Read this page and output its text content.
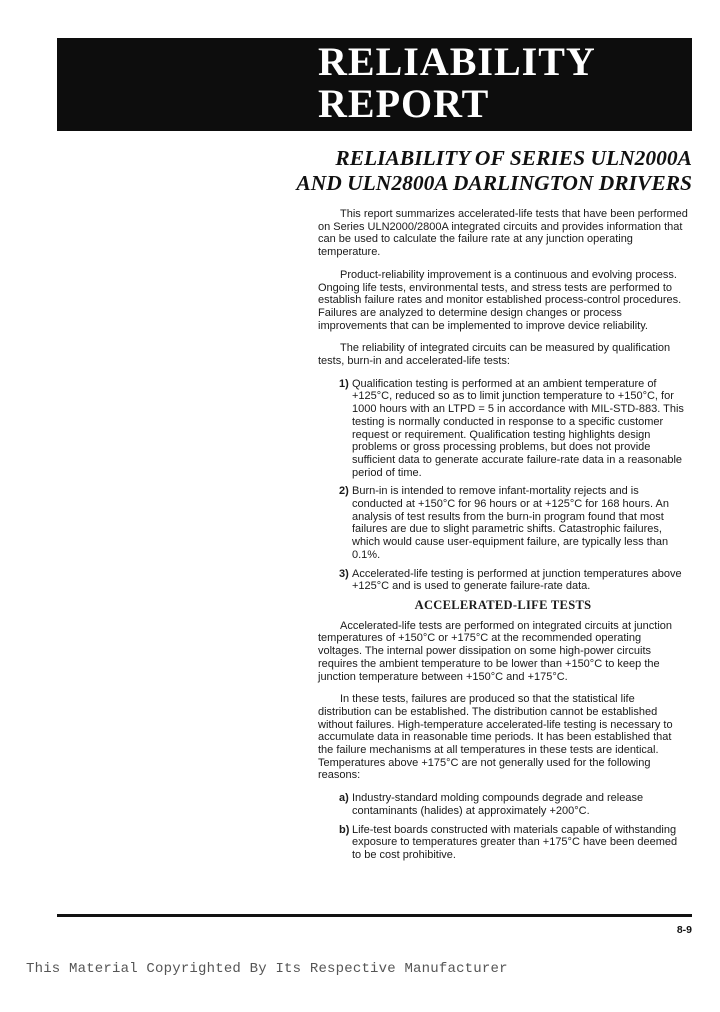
RELIABILITY
REPORT
RELIABILITY OF SERIES ULN2000A
AND ULN2800A DARLINGTON DRIVERS

This report summarizes accelerated-life tests that have been performed on Series ULN2000/2800A integrated circuits and provides information that can be used to calculate the failure rate at any junction operating temperature.

Product-reliability improvement is a continuous and evolving process. Ongoing life tests, environmental tests, and stress tests are performed to establish failure rates and monitor established process-control procedures. Failures are analyzed to determine design changes or process improvements that can be implemented to improve device reliability.

The reliability of integrated circuits can be measured by qualification tests, burn-in and accelerated-life tests:

1 ) Qualification testing is performed at an ambient temperature of +125°C, reduced so as to limit junction temperature to +150°C, for 1000 hours with an LTPD = 5 in accordance with MIL-STD-883. This testing is normally conducted in response to a specific customer request or requirement. Qualification testing highlights design problems or gross processing problems, but does not provide sufficient data to generate accurate failure-rate data in a reasonable period of time.
2 ) Burn-in is intended to remove infant-mortality rejects and is conducted at +150°C for 96 hours or at +125°C for 168 hours. An analysis of test results from the burn-in program found that most failures are due to slight parametric shifts. Catastrophic failures, which would cause user-equipment failure, are typically less than 0.1%.
3 ) Accelerated-life testing is performed at junction temperatures above +125°C and is used to generate failure-rate data.
ACCELERATED-LIFE TESTS

Accelerated-life tests are performed on integrated circuits at junction temperatures of +150°C or +175°C at the recommended operating voltages. The internal power dissipation on some high-power circuits requires the ambient temperature to be lower than +150°C to keep the junction temperature between +150°C and +175°C.

In these tests, failures are produced so that the statistical life distribution can be established. The distribution cannot be established without failures. High-temperature accelerated-life testing is necessary to accumulate data in reasonable time periods. It has been established that the failure mechanisms at all temperatures in these tests are identical. Temperatures above +175°C are not generally used for the following reasons:

a ) Industry-standard molding compounds degrade and release contaminants (halides) at approximately +200°C.
b ) Life-test boards constructed with materials capable of withstanding exposure to temperatures greater than +175°C have been deemed to be cost prohibitive.

8-9

This Material Copyrighted By Its Respective Manufacturer
